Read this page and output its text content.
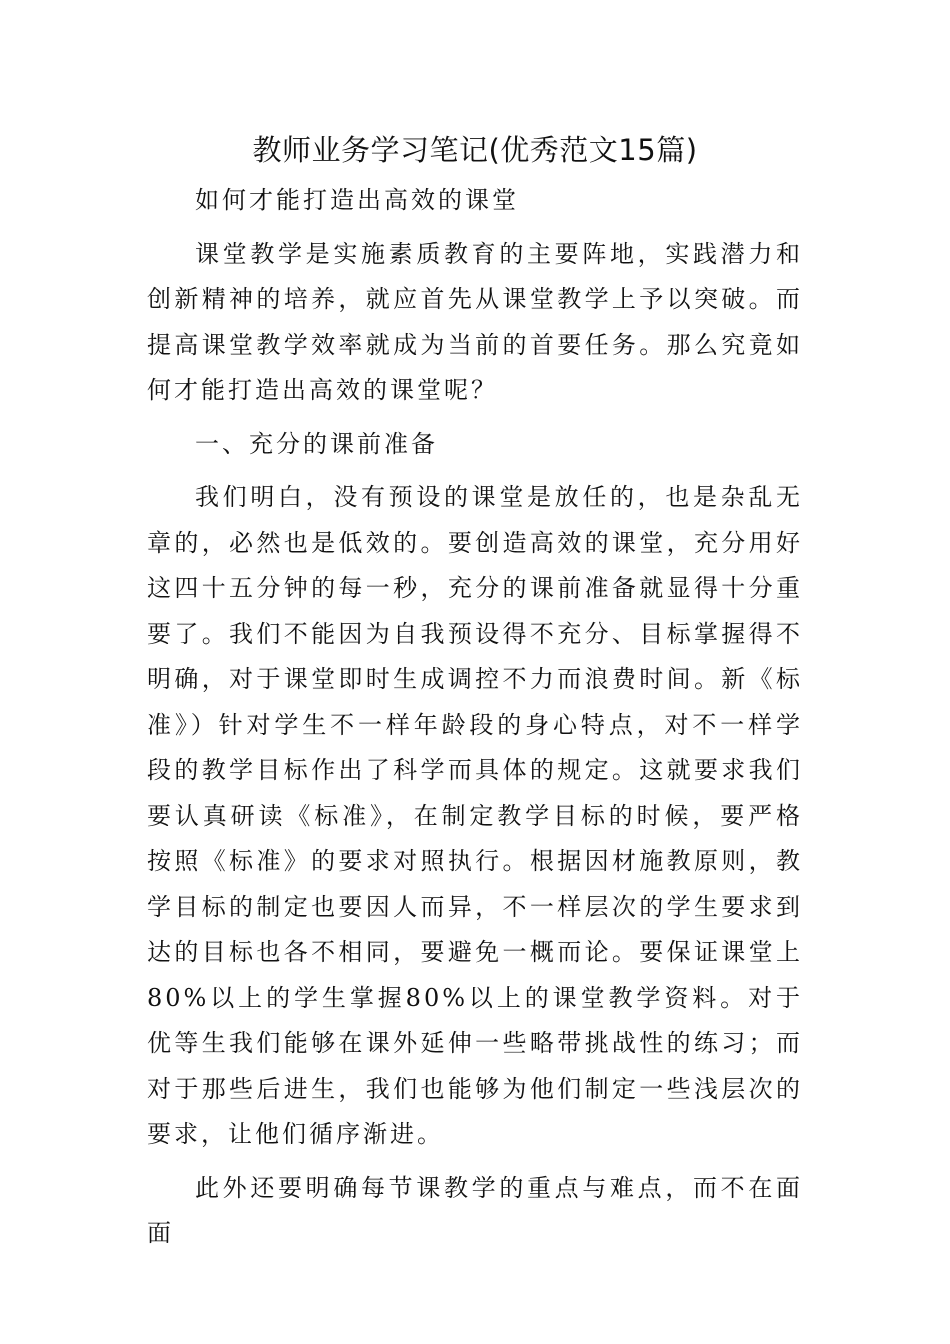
教师业务学习笔记(优秀范文15篇)

如何才能打造出高效的课堂

课堂教学是实施素质教育的主要阵地，实践潜力和创新精神的培养，就应首先从课堂教学上予以突破。而提高课堂教学效率就成为当前的首要任务。那么究竟如何才能打造出高效的课堂呢？

一、充分的课前准备

我们明白，没有预设的课堂是放任的，也是杂乱无章的，必然也是低效的。要创造高效的课堂，充分用好这四十五分钟的每一秒，充分的课前准备就显得十分重要了。我们不能因为自我预设得不充分、目标掌握得不明确，对于课堂即时生成调控不力而浪费时间。新《标准》）针对学生不一样年龄段的身心特点，对不一样学段的教学目标作出了科学而具体的规定。这就要求我们要认真研读《标准》，在制定教学目标的时候，要严格按照《标准》的要求对照执行。根据因材施教原则，教学目标的制定也要因人而异，不一样层次的学生要求到达的目标也各不相同，要避免一概而论。要保证课堂上80%以上的学生掌握80%以上的课堂教学资料。对于优等生我们能够在课外延伸一些略带挑战性的练习；而对于那些后进生，我们也能够为他们制定一些浅层次的要求，让他们循序渐进。

此外还要明确每节课教学的重点与难点，而不在面面
